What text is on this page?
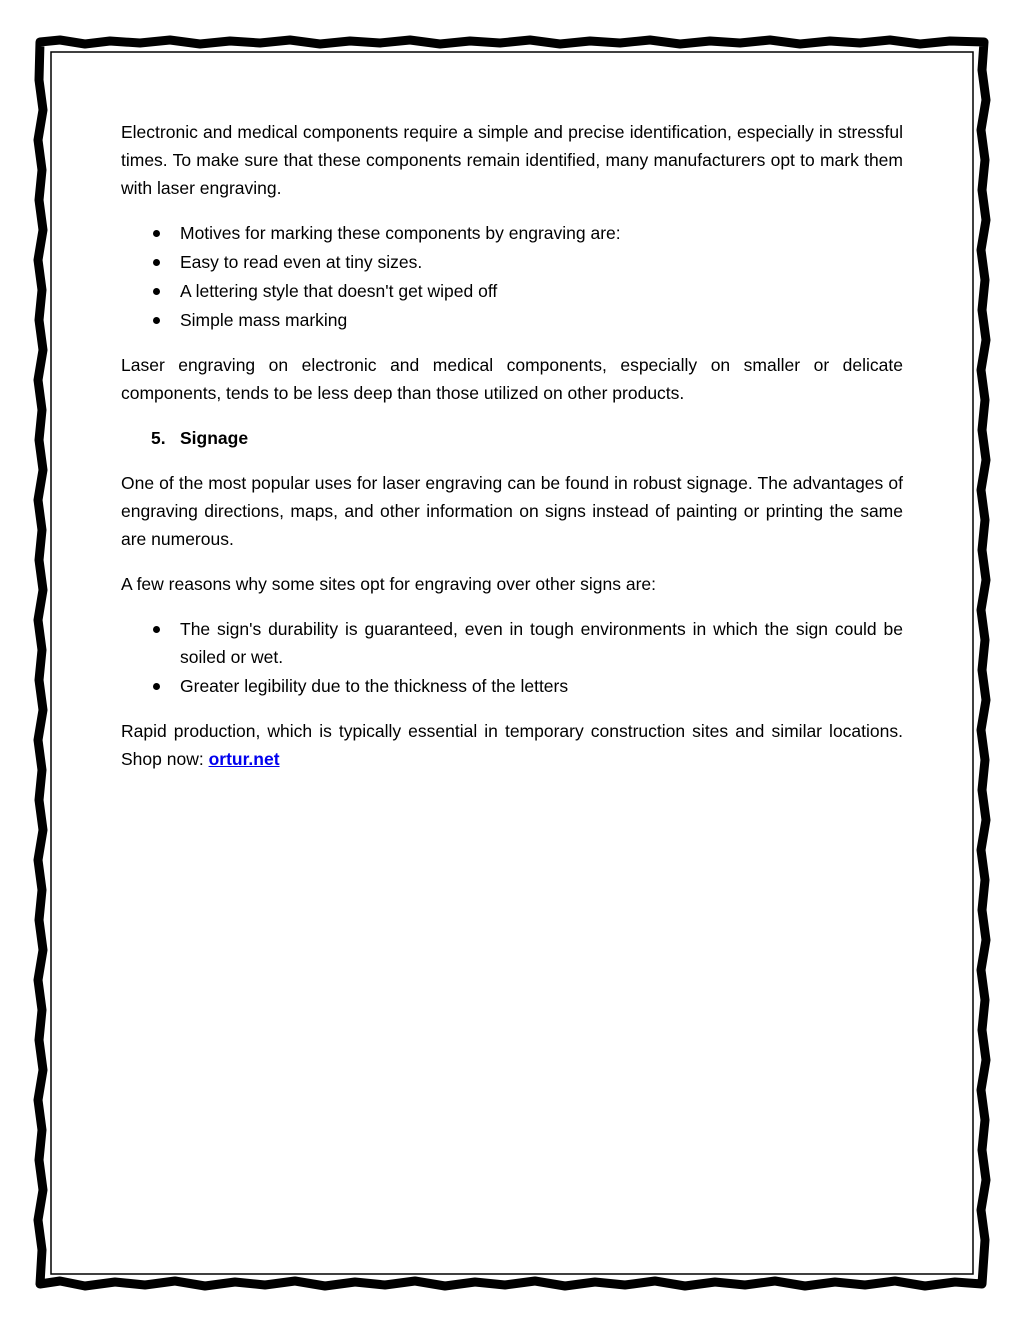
Electronic and medical components require a simple and precise identification, especially in stressful times. To make sure that these components remain identified, many manufacturers opt to mark them with laser engraving.

Motives for marking these components by engraving are:
Easy to read even at tiny sizes.
A lettering style that doesn't get wiped off
Simple mass marking

Laser engraving on electronic and medical components, especially on smaller or delicate components, tends to be less deep than those utilized on other products.

5. Signage

One of the most popular uses for laser engraving can be found in robust signage. The advantages of engraving directions, maps, and other information on signs instead of painting or printing the same are numerous.

A few reasons why some sites opt for engraving over other signs are:

The sign's durability is guaranteed, even in tough environments in which the sign could be soiled or wet.
Greater legibility due to the thickness of the letters

Rapid production, which is typically essential in temporary construction sites and similar locations. Shop now: ortur.net
